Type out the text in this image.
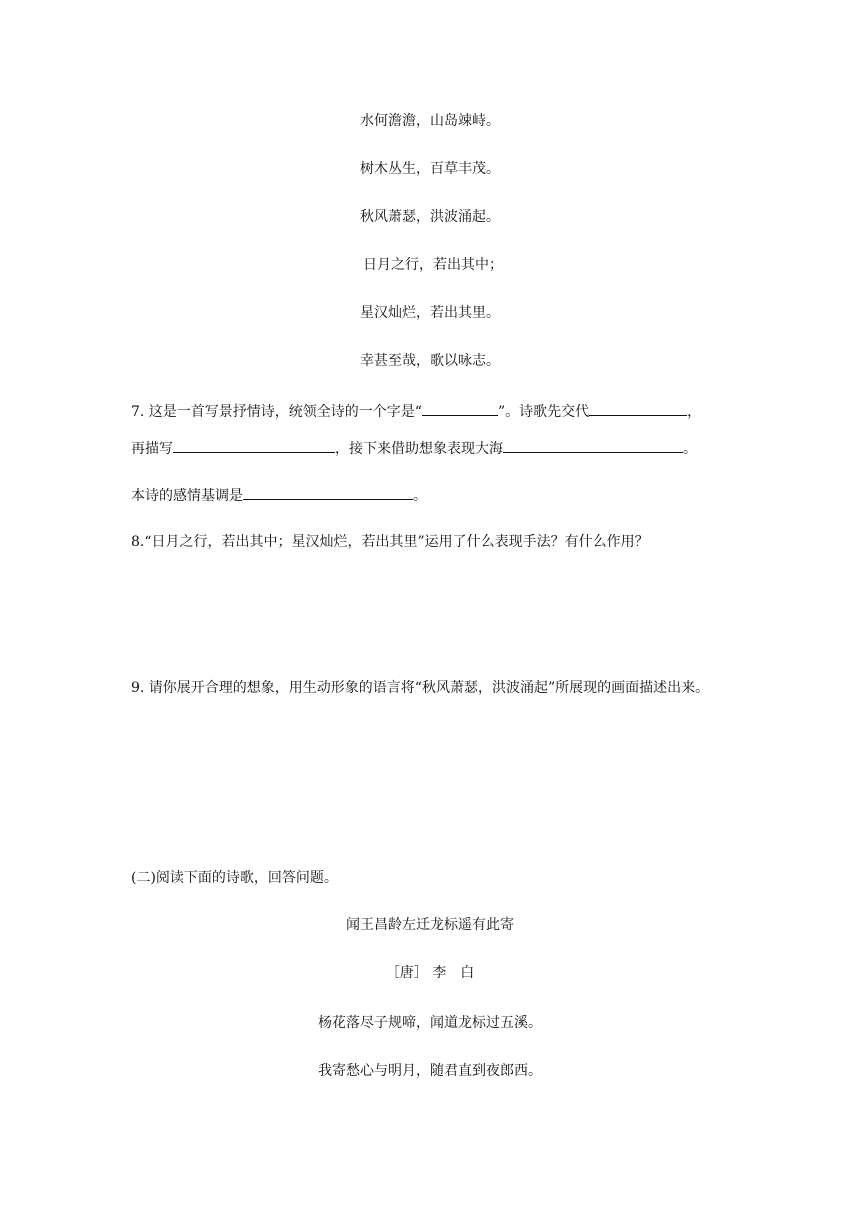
水何澹澹，山岛竦峙。
树木丛生，百草丰茂。
秋风萧瑟，洪波涌起。
日月之行，若出其中；
星汉灿烂，若出其里。
幸甚至哉，歌以咏志。
7. 这是一首写景抒情诗，统领全诗的一个字是“	”。诗歌先交代	，
再描写	，接下来借助想象表现大海	。
本诗的感情基调是	。
8.“日月之行，若出其中；星汉灿烂，若出其里”运用了什么表现手法？有什么作用？
9. 请你展开合理的想象，用生动形象的语言将“秋风萧瑟，洪波涌起”所展现的画面描述出来。
(二)阅读下面的诗歌，回答问题。
闻王昌龄左迁龙标遥有此寄
［唐］ 李　白
杨花落尽子规啼，闻道龙标过五溪。
我寄愁心与明月，随君直到夜郎西。
